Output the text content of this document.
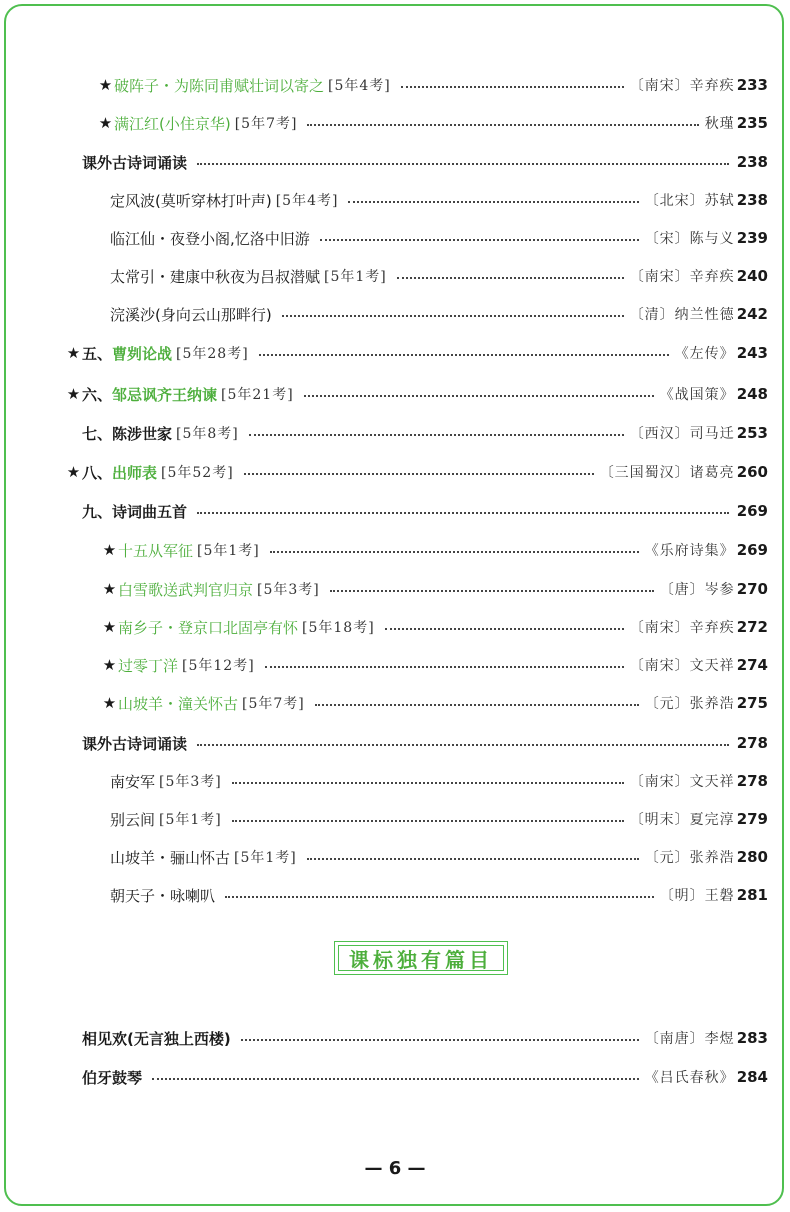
★ 破阵子・为陈同甫赋壮词以寄之 [5年4考]	〔南宋〕辛弃疾 233
★ 满江红(小住京华) [5年7考]	秋瑾 235
课外古诗词诵读	238
定风波(莫听穿林打叶声) [5年4考]	〔北宋〕苏轼 238
临江仙・夜登小阁,忆洛中旧游	〔宋〕陈与义 239
太常引・建康中秋夜为吕叔潜赋 [5年1考]	〔南宋〕辛弃疾 240
浣溪沙(身向云山那畔行)	〔清〕纳兰性德 242
★ 五、 曹刿论战 [5年28考]	《左传》 243
★ 六、 邹忌讽齐王纳谏 [5年21考]	《战国策》 248
七、 陈涉世家 [5年8考]	〔西汉〕司马迁 253
★ 八、 出师表 [5年52考]	〔三国蜀汉〕诸葛亮 260
九、 诗词曲五首	269
★ 十五从军征 [5年1考]	《乐府诗集》 269
★ 白雪歌送武判官归京 [5年3考]	〔唐〕岑参 270
★ 南乡子・登京口北固亭有怀 [5年18考]	〔南宋〕辛弃疾 272
★ 过零丁洋 [5年12考]	〔南宋〕文天祥 274
★ 山坡羊・潼关怀古 [5年7考]	〔元〕张养浩 275
课外古诗词诵读	278
南安军 [5年3考]	〔南宋〕文天祥 278
别云间 [5年1考]	〔明末〕夏完淳 279
山坡羊・骊山怀古 [5年1考]	〔元〕张养浩 280
朝天子・咏喇叭	〔明〕王磐 281
相见欢(无言独上西楼)	〔南唐〕李煜 283
伯牙鼓琴	《吕氏春秋》 284
课标独有篇目
— 6 —
